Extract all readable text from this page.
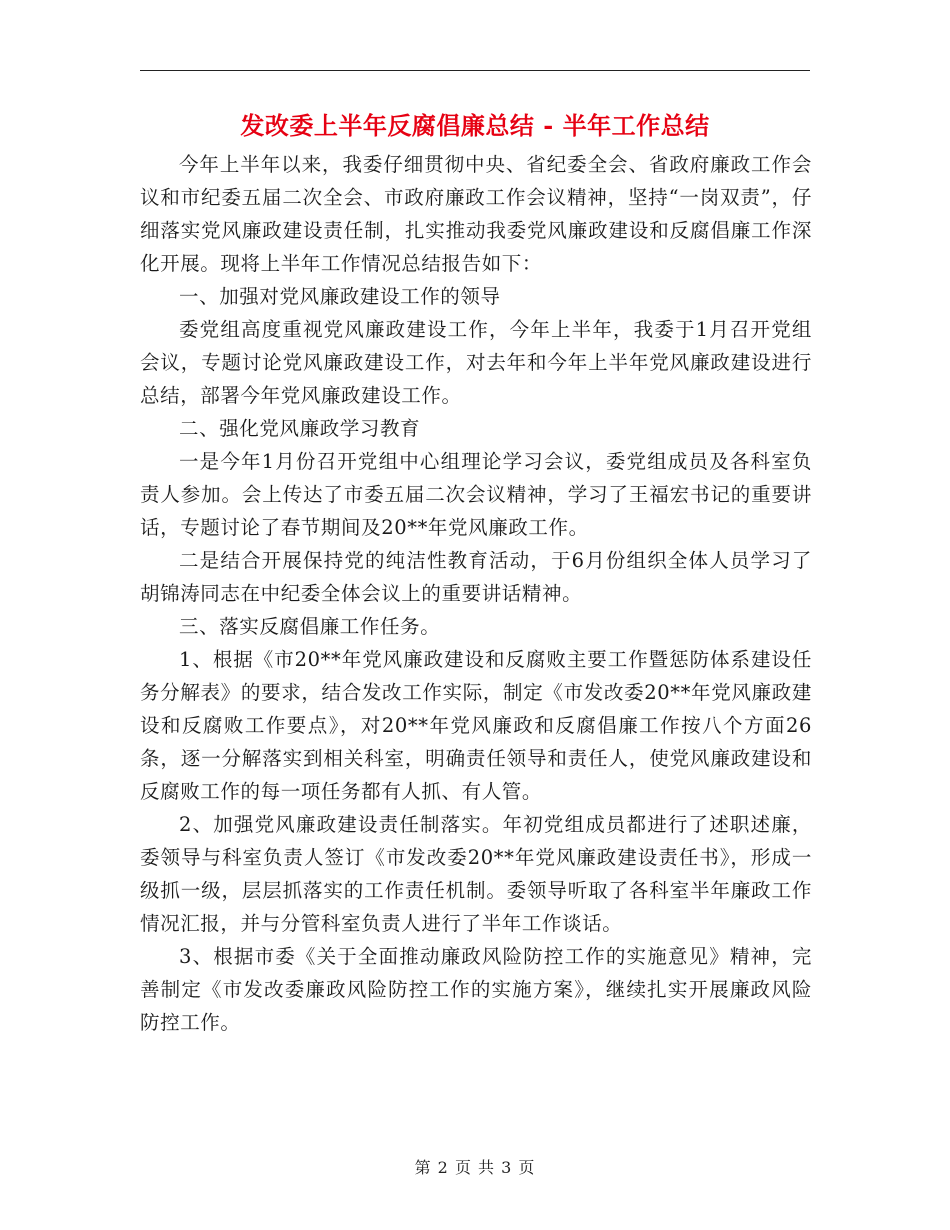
发改委上半年反腐倡廉总结 - 半年工作总结

今年上半年以来，我委仔细贯彻中央、省纪委全会、省政府廉政工作会议和市纪委五届二次全会、市政府廉政工作会议精神，坚持“一岗双责”，仔细落实党风廉政建设责任制，扎实推动我委党风廉政建设和反腐倡廉工作深化开展。现将上半年工作情况总结报告如下：

一、加强对党风廉政建设工作的领导

委党组高度重视党风廉政建设工作，今年上半年，我委于1月召开党组会议，专题讨论党风廉政建设工作，对去年和今年上半年党风廉政建设进行总结，部署今年党风廉政建设工作。

二、强化党风廉政学习教育

一是今年1月份召开党组中心组理论学习会议，委党组成员及各科室负责人参加。会上传达了市委五届二次会议精神，学习了王福宏书记的重要讲话，专题讨论了春节期间及20**年党风廉政工作。

二是结合开展保持党的纯洁性教育活动，于6月份组织全体人员学习了胡锦涛同志在中纪委全体会议上的重要讲话精神。

三、落实反腐倡廉工作任务。

1、根据《市20**年党风廉政建设和反腐败主要工作暨惩防体系建设任务分解表》的要求，结合发改工作实际，制定《市发改委20**年党风廉政建设和反腐败工作要点》，对20**年党风廉政和反腐倡廉工作按八个方面26条，逐一分解落实到相关科室，明确责任领导和责任人，使党风廉政建设和反腐败工作的每一项任务都有人抓、有人管。

2、加强党风廉政建设责任制落实。年初党组成员都进行了述职述廉，委领导与科室负责人签订《市发改委20**年党风廉政建设责任书》，形成一级抓一级，层层抓落实的工作责任机制。委领导听取了各科室半年廉政工作情况汇报，并与分管科室负责人进行了半年工作谈话。

3、根据市委《关于全面推动廉政风险防控工作的实施意见》精神，完善制定《市发改委廉政风险防控工作的实施方案》，继续扎实开展廉政风险防控工作。

第 2 页 共 3 页
